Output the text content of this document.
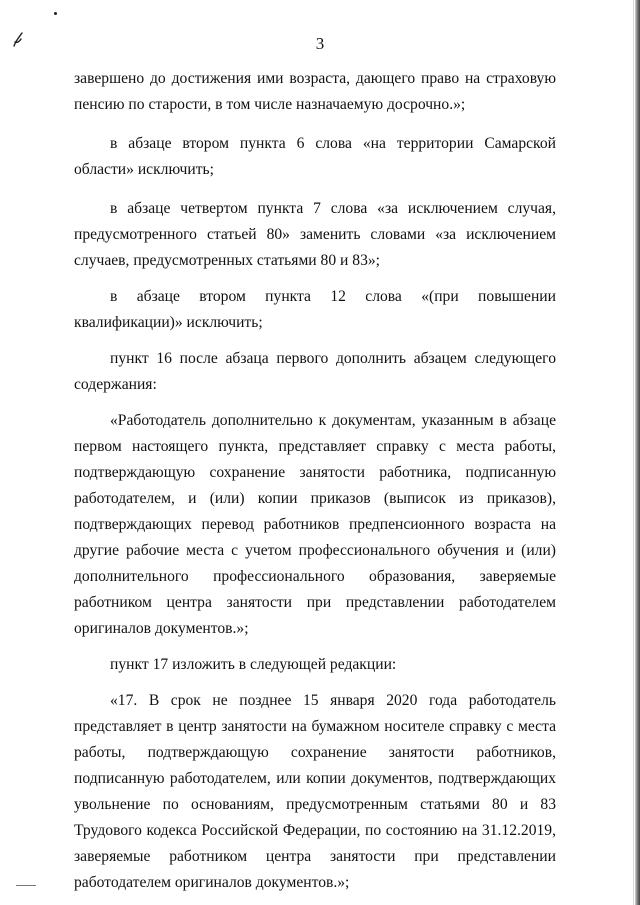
3

завершено до достижения ими возраста, дающего право на страховую пенсию по старости, в том числе назначаемую досрочно.»;

в абзаце втором пункта 6 слова «на территории Самарской области» исключить;

в абзаце четвертом пункта 7 слова «за исключением случая, предусмотренного статьей 80» заменить словами «за исключением случаев, предусмотренных статьями 80 и 83»;

в абзаце втором пункта 12 слова «(при повышении квалификации)» исключить;

пункт 16 после абзаца первого дополнить абзацем следующего содержания:

«Работодатель дополнительно к документам, указанным в абзаце первом настоящего пункта, представляет справку с места работы, подтверждающую сохранение занятости работника, подписанную работодателем, и (или) копии приказов (выписок из приказов), подтверждающих перевод работников предпенсионного возраста на другие рабочие места с учетом профессионального обучения и (или) дополнительного профессионального образования, заверяемые работником центра занятости при представлении работодателем оригиналов документов.»;

пункт 17 изложить в следующей редакции:

«17. В срок не позднее 15 января 2020 года работодатель представляет в центр занятости на бумажном носителе справку с места работы, подтверждающую сохранение занятости работников, подписанную работодателем, или копии документов, подтверждающих увольнение по основаниям, предусмотренным статьями 80 и 83 Трудового кодекса Российской Федерации, по состоянию на 31.12.2019, заверяемые работником центра занятости при представлении работодателем оригиналов документов.»;
